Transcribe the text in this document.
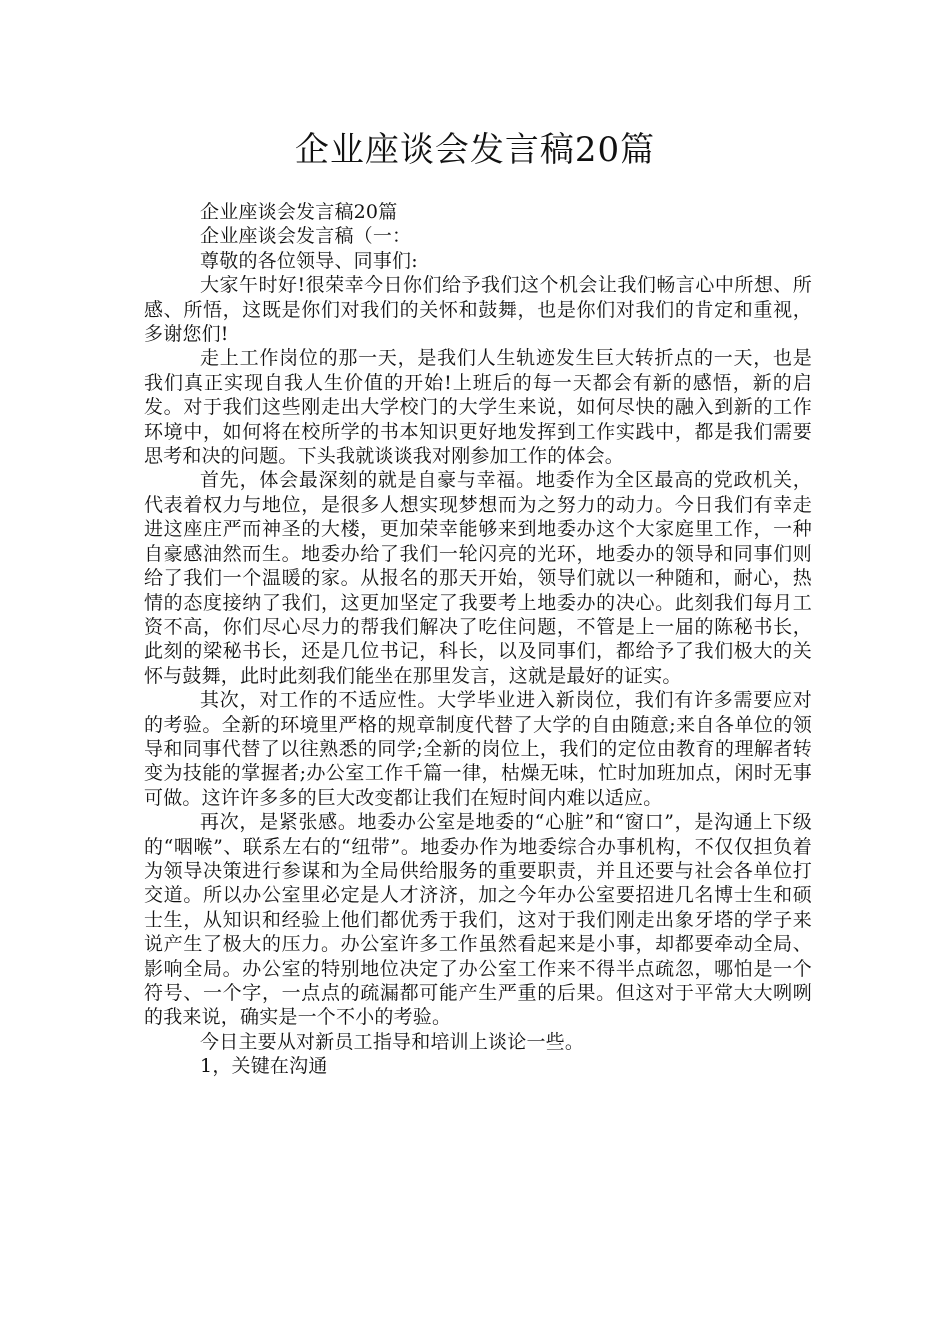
企业座谈会发言稿20篇

企业座谈会发言稿20篇

企业座谈会发言稿（一：

尊敬的各位领导、同事们:

大家午时好!很荣幸今日你们给予我们这个机会让我们畅言心中所想、所感、所悟，这既是你们对我们的关怀和鼓舞，也是你们对我们的肯定和重视，多谢您们!

走上工作岗位的那一天，是我们人生轨迹发生巨大转折点的一天，也是我们真正实现自我人生价值的开始!上班后的每一天都会有新的感悟，新的启发。对于我们这些刚走出大学校门的大学生来说，如何尽快的融入到新的工作环境中，如何将在校所学的书本知识更好地发挥到工作实践中，都是我们需要思考和决的问题。下头我就谈谈我对刚参加工作的体会。

首先，体会最深刻的就是自豪与幸福。地委作为全区最高的党政机关，代表着权力与地位，是很多人想实现梦想而为之努力的动力。今日我们有幸走进这座庄严而神圣的大楼，更加荣幸能够来到地委办这个大家庭里工作，一种自豪感油然而生。地委办给了我们一轮闪亮的光环，地委办的领导和同事们则给了我们一个温暖的家。从报名的那天开始，领导们就以一种随和，耐心，热情的态度接纳了我们，这更加坚定了我要考上地委办的决心。此刻我们每月工资不高，你们尽心尽力的帮我们解决了吃住问题，不管是上一届的陈秘书长，此刻的梁秘书长，还是几位书记，科长，以及同事们，都给予了我们极大的关怀与鼓舞，此时此刻我们能坐在那里发言，这就是最好的证实。

其次，对工作的不适应性。大学毕业进入新岗位，我们有许多需要应对的考验。全新的环境里严格的规章制度代替了大学的自由随意;来自各单位的领导和同事代替了以往熟悉的同学;全新的岗位上，我们的定位由教育的理解者转变为技能的掌握者;办公室工作千篇一律，枯燥无味，忙时加班加点，闲时无事可做。这许许多多的巨大改变都让我们在短时间内难以适应。

再次，是紧张感。地委办公室是地委的“心脏”和“窗口”，是沟通上下级的“咽喉”、联系左右的“纽带”。地委办作为地委综合办事机构，不仅仅担负着为领导决策进行参谋和为全局供给服务的重要职责，并且还要与社会各单位打交道。所以办公室里必定是人才济济，加之今年办公室要招进几名博士生和硕士生，从知识和经验上他们都优秀于我们，这对于我们刚走出象牙塔的学子来说产生了极大的压力。办公室许多工作虽然看起来是小事，却都要牵动全局、影响全局。办公室的特别地位决定了办公室工作来不得半点疏忽，哪怕是一个符号、一个字，一点点的疏漏都可能产生严重的后果。但这对于平常大大咧咧的我来说，确实是一个不小的考验。

今日主要从对新员工指导和培训上谈论一些。

1，关键在沟通
